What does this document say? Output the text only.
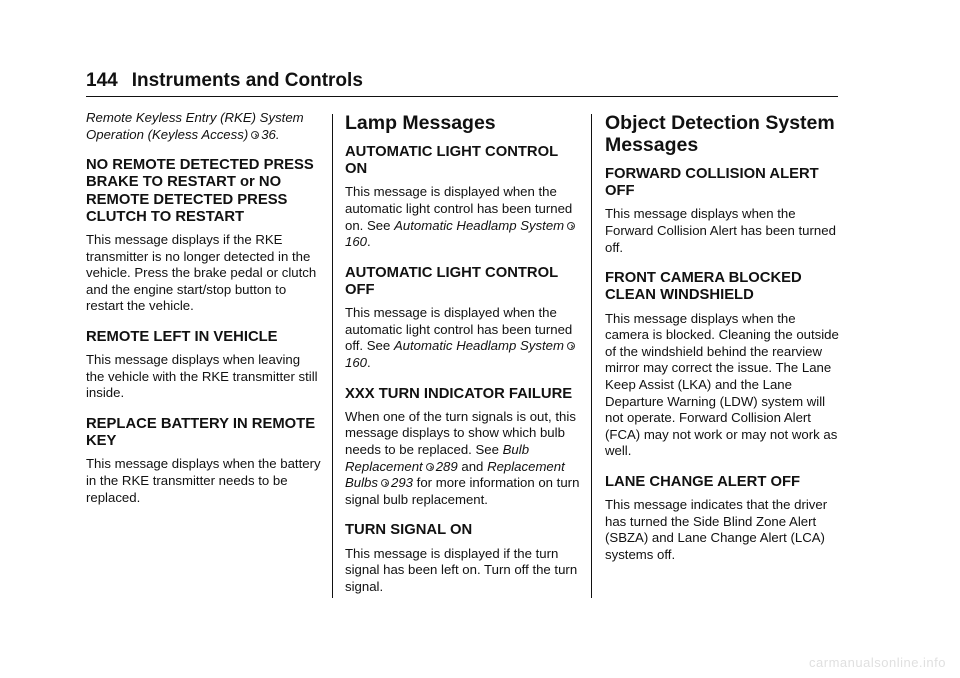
144 Instruments and Controls

Remote Keyless Entry (RKE) System Operation (Keyless Access) 36.

NO REMOTE DETECTED PRESS BRAKE TO RESTART or NO REMOTE DETECTED PRESS CLUTCH TO RESTART

This message displays if the RKE transmitter is no longer detected in the vehicle. Press the brake pedal or clutch and the engine start/stop button to restart the vehicle.

REMOTE LEFT IN VEHICLE

This message displays when leaving the vehicle with the RKE transmitter still inside.

REPLACE BATTERY IN REMOTE KEY

This message displays when the battery in the RKE transmitter needs to be replaced.

Lamp Messages
AUTOMATIC LIGHT CONTROL ON

This message is displayed when the automatic light control has been turned on. See Automatic Headlamp System160.

AUTOMATIC LIGHT CONTROL OFF

This message is displayed when the automatic light control has been turned off. See Automatic Headlamp System160.

XXX TURN INDICATOR FAILURE

When one of the turn signals is out, this message displays to show which bulb needs to be replaced. See Bulb Replacement 289 and Replacement Bulbs 293 for more information on turn signal bulb replacement.

TURN SIGNAL ON

This message is displayed if the turn signal has been left on. Turn off the turn signal.

Object Detection System Messages
FORWARD COLLISION ALERT OFF

This message displays when the Forward Collision Alert has been turned off.

FRONT CAMERA BLOCKED CLEAN WINDSHIELD

This message displays when the camera is blocked. Cleaning the outside of the windshield behind the rearview mirror may correct the issue. The Lane Keep Assist (LKA) and the Lane Departure Warning (LDW) system will not operate. Forward Collision Alert (FCA) may not work or may not work as well.

LANE CHANGE ALERT OFF

This message indicates that the driver has turned the Side Blind Zone Alert (SBZA) and Lane Change Alert (LCA) systems off.

carmanualsonline.info
